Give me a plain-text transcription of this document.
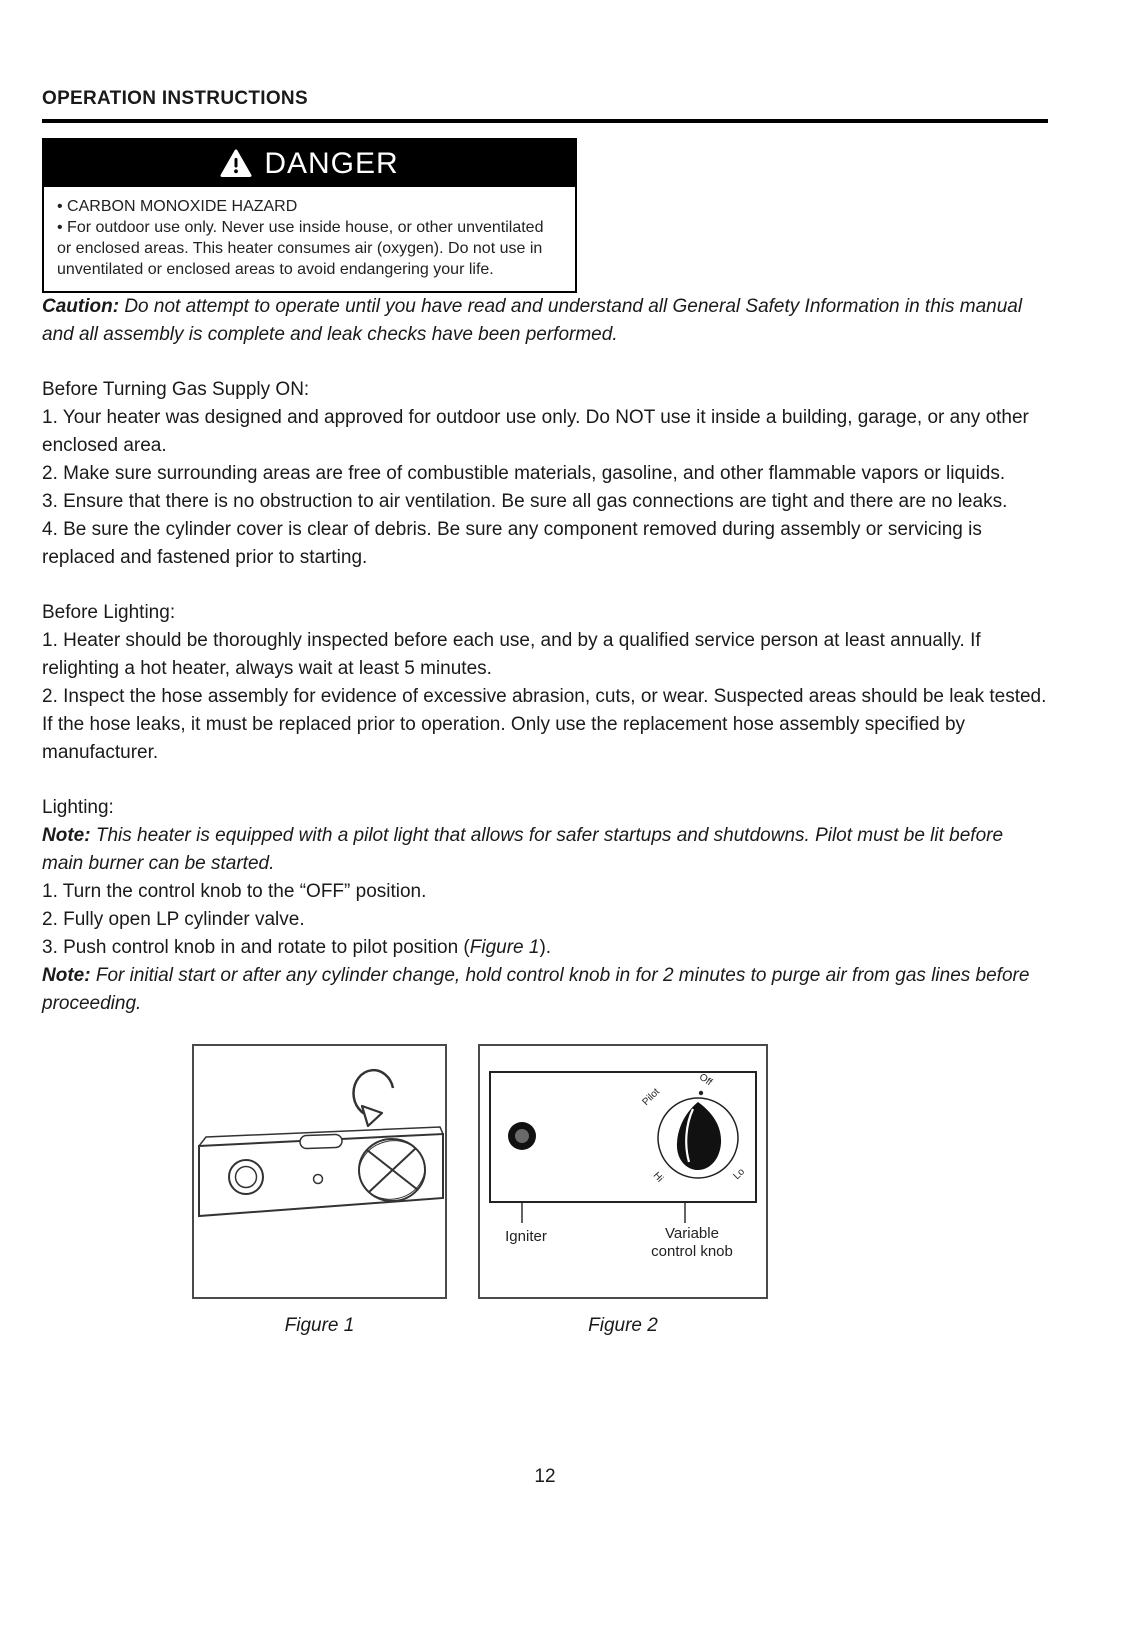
OPERATION INSTRUCTIONS
DANGER

• CARBON MONOXIDE HAZARD

• For outdoor use only. Never use inside house, or other unventilated or enclosed areas. This heater consumes air (oxygen). Do not use in unventilated or enclosed areas to avoid endangering your life.

Caution: Do not attempt to operate until you have read and understand all General Safety Information in this manual and all assembly is complete and leak checks have been performed.

Before Turning Gas Supply ON:

1. Your heater was designed and approved for outdoor use only. Do NOT use it inside a building, garage, or any other enclosed area.

2. Make sure surrounding areas are free of combustible materials, gasoline, and other flammable vapors or liquids.

3. Ensure that there is no obstruction to air ventilation. Be sure all gas connections are tight and there are no leaks.

4. Be sure the cylinder cover is clear of debris. Be sure any component removed during assembly or servicing is replaced and fastened prior to starting.

Before Lighting:

1. Heater should be thoroughly inspected before each use, and by a qualified service person at least annually. If relighting a hot heater, always wait at least 5 minutes.

2. Inspect the hose assembly for evidence of excessive abrasion, cuts, or wear. Suspected areas should be leak tested. If the hose leaks, it must be replaced prior to operation. Only use the replacement hose assembly specified by manufacturer.

Lighting:

Note: This heater is equipped with a pilot light that allows for safer startups and shutdowns. Pilot must be lit before main burner can be started.

1. Turn the control knob to the “OFF” position.

2. Fully open LP cylinder valve.

3. Push control knob in and rotate to pilot position (Figure 1).

Note: For initial start or after any cylinder change, hold control knob in for 2 minutes to purge air from gas lines before proceeding.

Off
Pilot
Hi	Lo
Igniter	Variable
control knob
Figure 1	Figure 2
12
